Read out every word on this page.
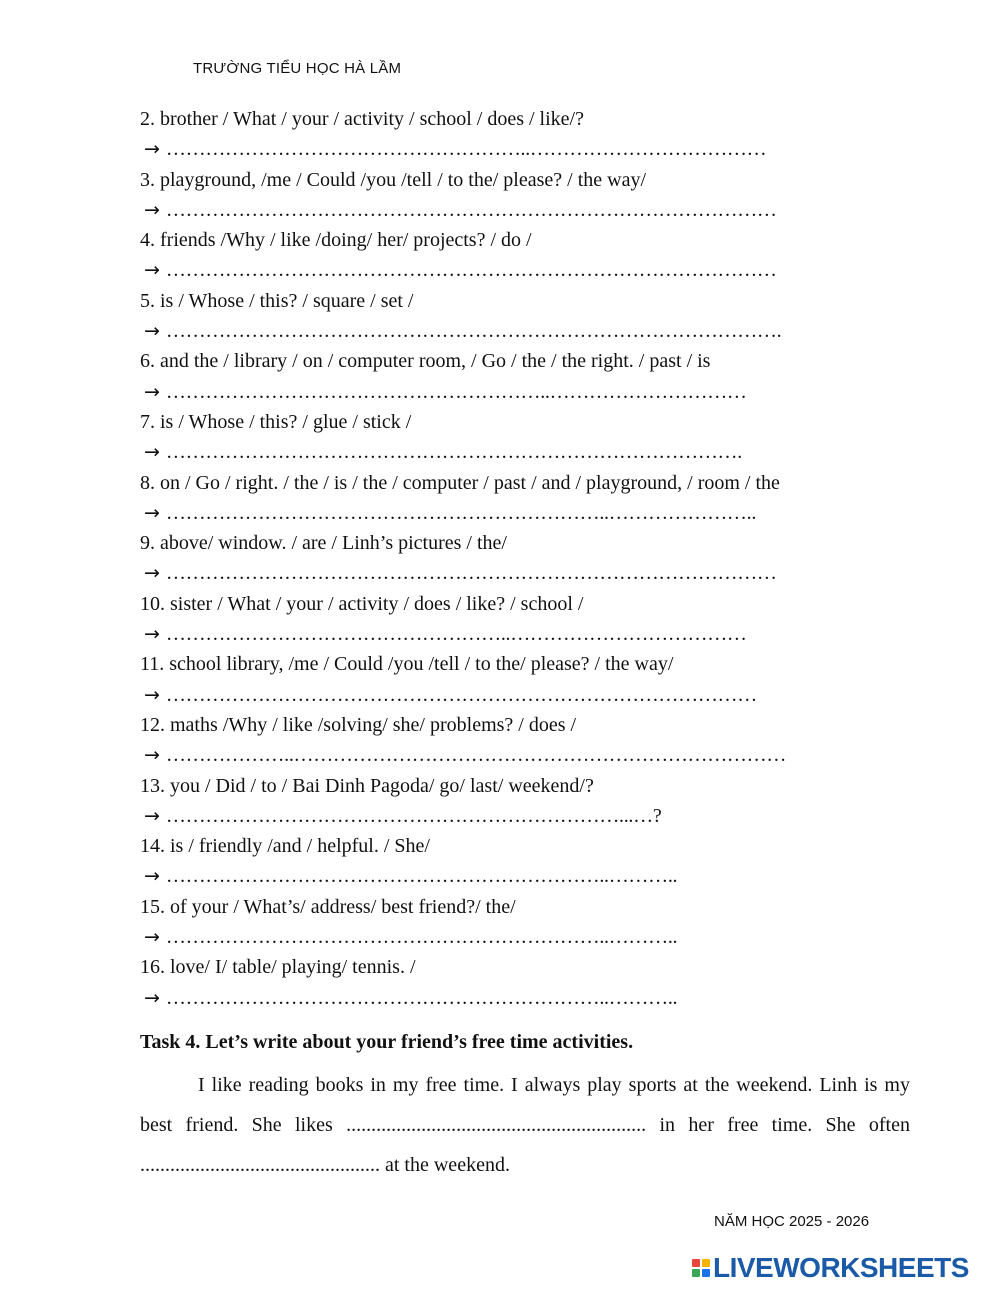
TRƯỜNG TIỂU HỌC HÀ LẦM
2. brother / What / your / activity / school / does / like/?
→ ………………………………………………..………………………………
3. playground, /me / Could /you /tell / to the/ please? / the way/
→ …………………………………………………………………………………
4. friends /Why / like /doing/ her/ projects? / do /
→ …………………………………………………………………………………
5. is / Whose / this? / square / set /
→ ………………………………………………………………………………….
6. and the / library / on / computer room, / Go / the / the right. / past / is
→ …………………………………………………..…………………………
7. is / Whose / this? / glue / stick /
→ …………………………………………………………………………….
8. on / Go / right. / the / is / the / computer / past / and / playground, / room / the
→ …………………………………………………………..…………………..
9. above/ window. / are / Linh’s pictures / the/
→ …………………………………………………………………………………
10. sister / What / your / activity / does / like? / school /
→ ……………………………………………..………………………………
11. school library, /me / Could /you /tell / to the/ please? / the way/
→ ………………………………………………………………………………
12. maths /Why / like /solving/ she/ problems? / does /
→ ………………..…………………………………………………………………
13. you / Did / to / Bai Dinh Pagoda/ go/ last/ weekend/?
→ ……………………………………………………………...…?
14. is / friendly /and / helpful. / She/
→ …………………………………………………………..………..
15. of your / What’s/ address/ best friend?/ the/
→ …………………………………………………………..………..
16. love/ I/ table/ playing/ tennis. /
→ …………………………………………………………..………..
Task 4. Let’s write about your friend’s free time activities.
I like reading books in my free time. I always play sports at the weekend. Linh is my best friend. She likes ............................................................ in her free time. She often ................................................ at the weekend.
NĂM HỌC 2025 - 2026
LIVEWORKSHEETS
